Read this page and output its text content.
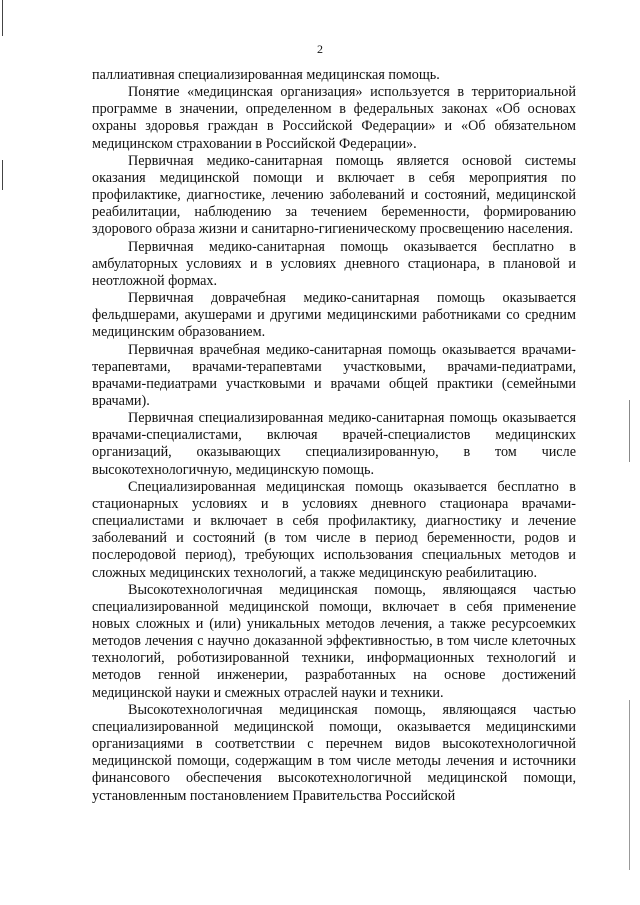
2

паллиативная специализированная медицинская помощь.

Понятие «медицинская организация» используется в территориальной программе в значении, определенном в федеральных законах «Об основах охраны здоровья граждан в Российской Федерации» и «Об обязательном медицинском страховании в Российской Федерации».

Первичная медико-санитарная помощь является основой системы оказания медицинской помощи и включает в себя мероприятия по профилактике, диагностике, лечению заболеваний и состояний, медицинской реабилитации, наблюдению за течением беременности, формированию здорового образа жизни и санитарно-гигиеническому просвещению населения.

Первичная медико-санитарная помощь оказывается бесплатно в амбулаторных условиях и в условиях дневного стационара, в плановой и неотложной формах.

Первичная доврачебная медико-санитарная помощь оказывается фельдшерами, акушерами и другими медицинскими работниками со средним медицинским образованием.

Первичная врачебная медико-санитарная помощь оказывается врачами-терапевтами, врачами-терапевтами участковыми, врачами-педиатрами, врачами-педиатрами участковыми и врачами общей практики (семейными врачами).

Первичная специализированная медико-санитарная помощь оказывается врачами-специалистами, включая врачей-специалистов медицинских организаций, оказывающих специализированную, в том числе высокотехнологичную, медицинскую помощь.

Специализированная медицинская помощь оказывается бесплатно в стационарных условиях и в условиях дневного стационара врачами-специалистами и включает в себя профилактику, диагностику и лечение заболеваний и состояний (в том числе в период беременности, родов и послеродовой период), требующих использования специальных методов и сложных медицинских технологий, а также медицинскую реабилитацию.

Высокотехнологичная медицинская помощь, являющаяся частью специализированной медицинской помощи, включает в себя применение новых сложных и (или) уникальных методов лечения, а также ресурсоемких методов лечения с научно доказанной эффективностью, в том числе клеточных технологий, роботизированной техники, информационных технологий и методов генной инженерии, разработанных на основе достижений медицинской науки и смежных отраслей науки и техники.

Высокотехнологичная медицинская помощь, являющаяся частью специализированной медицинской помощи, оказывается медицинскими организациями в соответствии с перечнем видов высокотехнологичной медицинской помощи, содержащим в том числе методы лечения и источники финансового обеспечения высокотехнологичной медицинской помощи, установленным постановлением Правительства Российской
